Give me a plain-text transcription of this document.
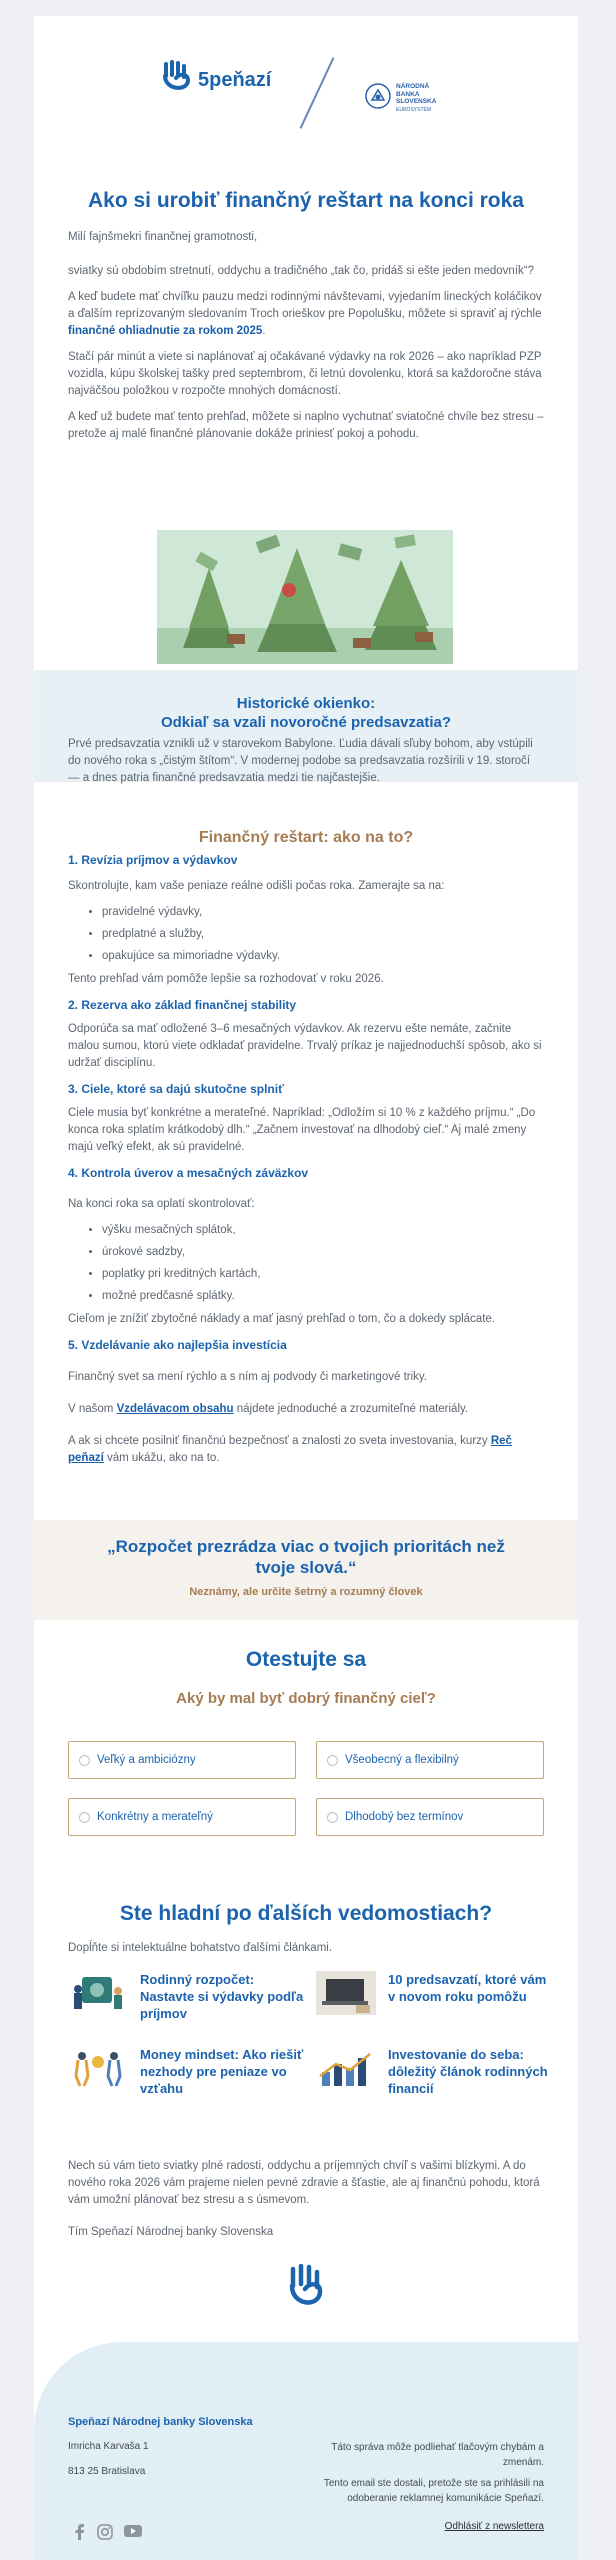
5peňazí	NÁRODNÁ
BANKA
SLOVENSKA
EUROSYSTÉM
Ako si urobiť finančný reštart na konci roka

Milí fajnšmekri finančnej gramotnosti,

sviatky sú obdobím stretnutí, oddychu a tradičného „tak čo, pridáš si ešte jeden medovník“?

A keď budete mať chvíľku pauzu medzi rodinnými návštevami, vyjedaním lineckých koláčikov a ďalším reprízovaným sledovaním Troch orieškov pre Popolušku, môžete si spraviť aj rýchle finančné ohliadnutie za rokom 2025.

Stačí pár minút a viete si naplánovať aj očakávané výdavky na rok 2026 – ako napríklad PZP vozidla, kúpu školskej tašky pred septembrom, či letnú dovolenku, ktorá sa každoročne stáva najväčšou položkou v rozpočte mnohých domácností.

A keď už budete mať tento prehľad, môžete si naplno vychutnať sviatočné chvíle bez stresu – pretože aj malé finančné plánovanie dokáže priniesť pokoj a pohodu.

Historické okienko:
Odkiaľ sa vzali novoročné predsavzatia?

Prvé predsavzatia vznikli už v starovekom Babylone. Ľudia dávali sľuby bohom, aby vstúpili do nového roka s „čistým štítom“. V modernej podobe sa predsavzatia rozšírili v 19. storočí — a dnes patria finančné predsavzatia medzi tie najčastejšie.

Finančný reštart: ako na to?
1. Revízia príjmov a výdavkov

Skontrolujte, kam vaše peniaze reálne odišli počas roka. Zamerajte sa na:

• pravidelné výdavky,
• predplatné a služby,
• opakujúce sa mimoriadne výdavky.

Tento prehľad vám pomôže lepšie sa rozhodovať v roku 2026.

2. Rezerva ako základ finančnej stability

Odporúča sa mať odložené 3–6 mesačných výdavkov. Ak rezervu ešte nemáte, začnite malou sumou, ktorú viete odkladať pravidelne. Trvalý príkaz je najjednoduchší spôsob, ako si udržať disciplínu.

3. Ciele, ktoré sa dajú skutočne splniť

Ciele musia byť konkrétne a merateľné. Napríklad: „Odložím si 10 % z každého príjmu.“ „Do konca roka splatím krátkodobý dlh.“ „Začnem investovať na dlhodobý cieľ.“ Aj malé zmeny majú veľký efekt, ak sú pravidelné.

4. Kontrola úverov a mesačných záväzkov

Na konci roka sa oplatí skontrolovať:

• výšku mesačných splátok,
• úrokové sadzby,
• poplatky pri kreditných kartách,
• možné predčasné splátky.

Cieľom je znížiť zbytočné náklady a mať jasný prehľad o tom, čo a dokedy splácate.

5. Vzdelávanie ako najlepšia investícia

Finančný svet sa mení rýchlo a s ním aj podvody či marketingové triky.

V našom Vzdelávacom obsahu nájdete jednoduché a zrozumiteľné materiály.

A ak si chcete posilniť finančnú bezpečnosť a znalosti zo sveta investovania, kurzy Reč peňazí vám ukážu, ako na to.

„Rozpočet prezrádza viac o tvojich prioritách než tvoje slová.“

Neznámy, ale určite šetrný a rozumný človek

Otestujte sa
Aký by mal byť dobrý finančný cieľ?
Veľký a ambiciózny	Všeobecný a flexibilný
Konkrétny a merateľný	Dlhodobý bez termínov
Ste hladní po ďalších vedomostiach?

Dopĺňte si intelektuálne bohatstvo ďalšími článkami.

Rodinný rozpočet: Nastavte si výdavky podľa príjmov
10 predsavzatí, ktoré vám v novom roku pomôžu
Money mindset: Ako riešiť nezhody pre peniaze vo vzťahu
Investovanie do seba: dôležitý článok rodinných financií

Nech sú vám tieto sviatky plné radosti, oddychu a príjemných chvíľ s vašimi blízkymi. A do nového roka 2026 vám prajeme nielen pevné zdravie a šťastie, ale aj finančnú pohodu, ktorá vám umožní plánovať bez stresu a s úsmevom.

Tím Speňazí Národnej banky Slovenska

Speňazí Národnej banky Slovenska

Imricha Karvaša 1

813 25 Bratislava

Táto správa môže podliehať tlačovým chybám a zmenám.

Tento email ste dostali, pretože ste sa prihlásili na odoberanie reklamnej komunikácie Speňazí.

Odhlásiť z newslettera
